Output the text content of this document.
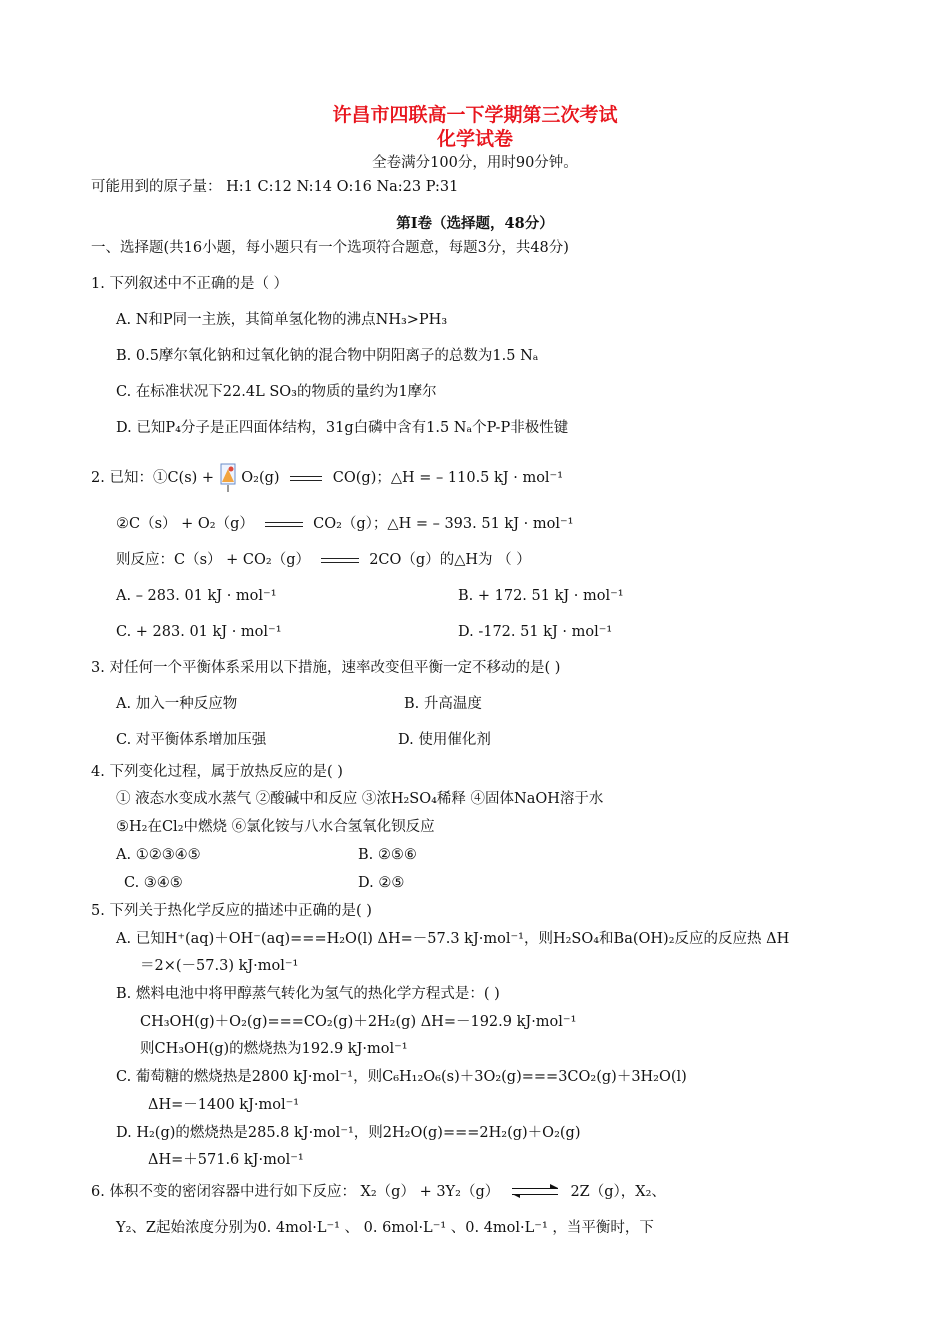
许昌市四联高一下学期第三次考试
化学试卷
全卷满分100分，用时90分钟。
可能用到的原子量： H:1 C:12 N:14 O:16 Na:23 P:31
第Ⅰ卷（选择题，48分）
一、选择题(共16小题，每小题只有一个选项符合题意，每题3分，共48分)
1. 下列叙述中不正确的是（ ）
A. N和P同一主族，其简单氢化物的沸点NH₃>PH₃
B. 0.5摩尔氧化钠和过氧化钠的混合物中阴阳离子的总数为1.5 Nₐ
C. 在标准状况下22.4L SO₃的物质的量约为1摩尔
D. 已知P₄分子是正四面体结构，31g白磷中含有1.5 Nₐ个P-P非极性键
2. 已知：①C(s) + O₂(g)	CO(g)；△H = – 110.5 kJ · mol⁻¹
②C（s） + O₂（g）	CO₂（g）；△H = – 393. 51 kJ · mol⁻¹
则反应：C（s） + CO₂（g）	2CO（g）的△H为 （ ）
A. – 283. 01 kJ · mol⁻¹	B. + 172. 51 kJ · mol⁻¹
C. + 283. 01 kJ · mol⁻¹	D. -172. 51 kJ · mol⁻¹
3. 对任何一个平衡体系采用以下措施，速率改变但平衡一定不移动的是( )
A. 加入一种反应物	B. 升高温度
C. 对平衡体系增加压强	D. 使用催化剂
4. 下列变化过程，属于放热反应的是( )
① 液态水变成水蒸气 ②酸碱中和反应 ③浓H₂SO₄稀释 ④固体NaOH溶于水
⑤H₂在Cl₂中燃烧 ⑥氯化铵与八水合氢氧化钡反应
A. ①②③④⑤	B. ②⑤⑥
C. ③④⑤	D. ②⑤
5. 下列关于热化学反应的描述中正确的是( )
A. 已知H⁺(aq)＋OH⁻(aq)===H₂O(l) ΔH=－57.3 kJ·mol⁻¹，则H₂SO₄和Ba(OH)₂反应的反应热 ΔH
＝2×(－57.3) kJ·mol⁻¹
B. 燃料电池中将甲醇蒸气转化为氢气的热化学方程式是：( )
CH₃OH(g)＋O₂(g)===CO₂(g)＋2H₂(g) ΔH=－192.9 kJ·mol⁻¹
则CH₃OH(g)的燃烧热为192.9 kJ·mol⁻¹
C. 葡萄糖的燃烧热是2800 kJ·mol⁻¹，则C₆H₁₂O₆(s)＋3O₂(g)===3CO₂(g)＋3H₂O(l)
ΔH=－1400 kJ·mol⁻¹
D. H₂(g)的燃烧热是285.8 kJ·mol⁻¹，则2H₂O(g)===2H₂(g)＋O₂(g)
ΔH=＋571.6 kJ·mol⁻¹
6. 体积不变的密闭容器中进行如下反应： X₂（g） + 3Y₂（g） ⇌ 2Z（g），X₂、
Y₂、Z起始浓度分别为0. 4mol·L⁻¹ 、 0. 6mol·L⁻¹ 、0. 4mol·L⁻¹ ，当平衡时，下
